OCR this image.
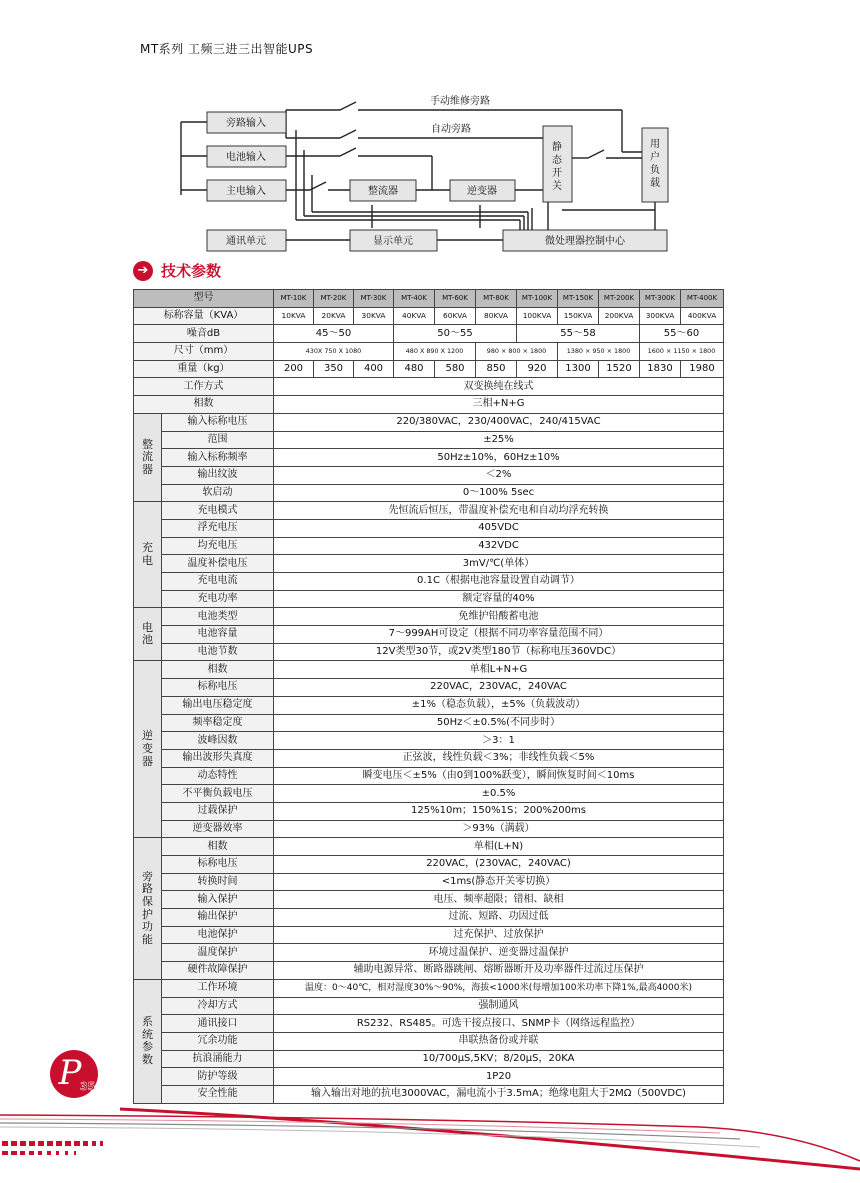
MT系列 工频三进三出智能UPS
旁路输入
电池输入
主电输入	整流器	逆变器
静
态
开
关
用
户
负
载
通讯单元	显示单元	微处理器控制中心
手动维修旁路
自动旁路
➔ 技术参数
型号		MT-10K	MT-20K	MT-30K	MT-40K	MT-60K	MT-80K	MT-100K	MT-150K	MT-200K	MT-300K	MT-400K
标称容量（KVA）		10KVA	20KVA	30KVA	40KVA	60KVA	80KVA	100KVA	150KVA	200KVA	300KVA	400KVA
噪音dB		45～50			50～55			55～58			55～60	
尺寸（mm）		430X 750 X 1080			480 X 890 X 1200		980 × 800 × 1800		1380 × 950 × 1800		1600 × 1150 × 1800	
重量（kg）		200	350	400	480	580	850	920	1300	1520	1830	1980
工作方式		双变换纯在线式										
相数		三相+N+G										
整流器	输入标称电压	220/380VAC，230/400VAC，240/415VAC										
	范围	±25%										
	输入标称频率	50Hz±10%，60Hz±10%										
	输出纹波	＜2%										
	软启动	0～100% 5sec										
充电	充电模式	先恒流后恒压，带温度补偿充电和自动均浮充转换										
	浮充电压	405VDC										
	均充电压	432VDC										
	温度补偿电压	3mV/℃(单体）										
	充电电流	0.1C（根据电池容量设置自动调节）										
	充电功率	额定容量的40%										
电池	电池类型	免维护铅酸蓄电池										
	电池容量	7～999AH可设定（根据不同功率容量范围不同）										
	电池节数	12V类型30节，或2V类型180节（标称电压360VDC）										
逆变器	相数	单相L+N+G										
	标称电压	220VAC，230VAC，240VAC										
	输出电压稳定度	±1%（稳态负载），±5%（负载波动）										
	频率稳定度	50Hz＜±0.5%(不同步时）										
	波峰因数	＞3：1										
	输出波形失真度	正弦波，线性负载＜3%；非线性负载＜5%										
	动态特性	瞬变电压＜±5%（由0到100%跃变），瞬间恢复时间＜10ms										
	不平衡负载电压	±0.5%										
	过载保护	125%10m；150%1S；200%200ms										
	逆变器效率	＞93%（满载）										
旁路保护功能	相数	单相(L+N)										
	标称电压	220VAC，(230VAC，240VAC)										
	转换时间	<1ms(静态开关零切换）										
	输入保护	电压、频率超限；错相、缺相										
	输出保护	过流、短路、功因过低										
	电池保护	过充保护、过放保护										
	温度保护	环境过温保护、逆变器过温保护										
	硬件故障保护	辅助电源异常、断路器跳闸、熔断器断开及功率器件过流过压保护										
系统参数	工作环境	温度：0～40℃，相对湿度30%～90%，海拔<1000米(每增加100米功率下降1%,最高4000米)										
	冷却方式	强制通风										
	通讯接口	RS232、RS485。可选干接点接口、SNMP卡（网络远程监控）										
	冗余功能	串联热备份或并联										
	抗浪涌能力	10/700μS,5KV；8/20μS，20KA										
	防护等级	1P20										
	安全性能	输入输出对地的抗电3000VAC，漏电流小于3.5mA；绝缘电阻大于2MΩ（500VDC)										
P
35
